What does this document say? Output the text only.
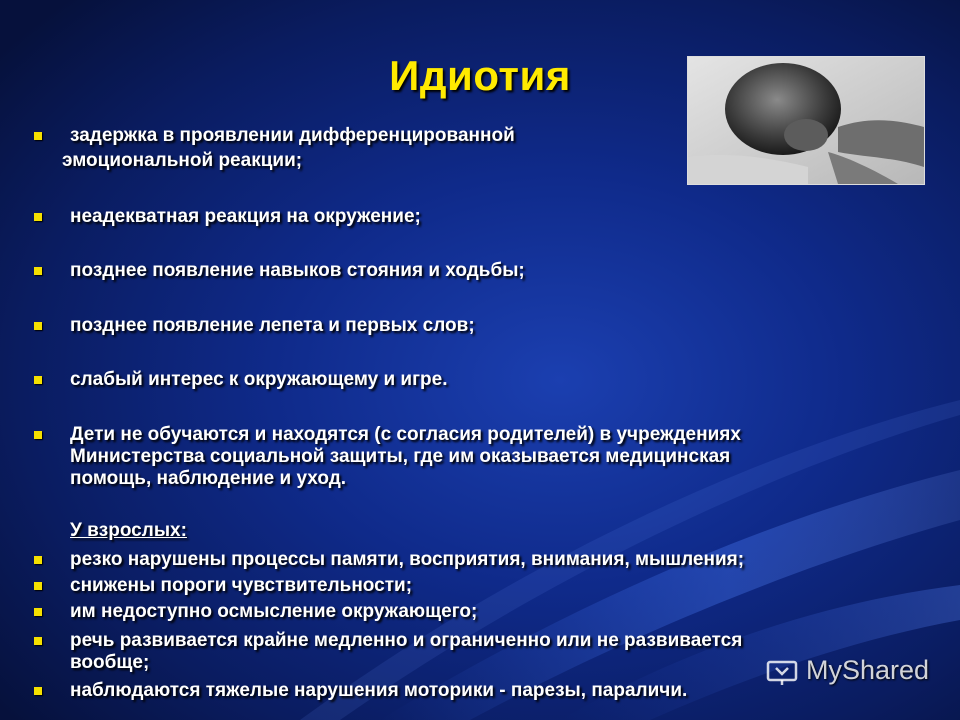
Идиотия
задержка в проявлении дифференцированной
эмоциональной реакции;
неадекватная реакция на окружение;
позднее появление навыков стояния и ходьбы;
позднее появление лепета и первых слов;
слабый интерес к окружающему и игре.
Дети не обучаются и находятся (с согласия родителей) в учреждениях
Министерства социальной защиты, где им оказывается медицинская
помощь, наблюдение и уход.
У взрослых:
резко нарушены процессы памяти, восприятия, внимания, мышления;
снижены пороги чувствительности;
им недоступно осмысление окружающего;
речь развивается крайне медленно и ограниченно или не развивается
вообще;
наблюдаются тяжелые нарушения моторики - парезы, параличи.
MyShared
